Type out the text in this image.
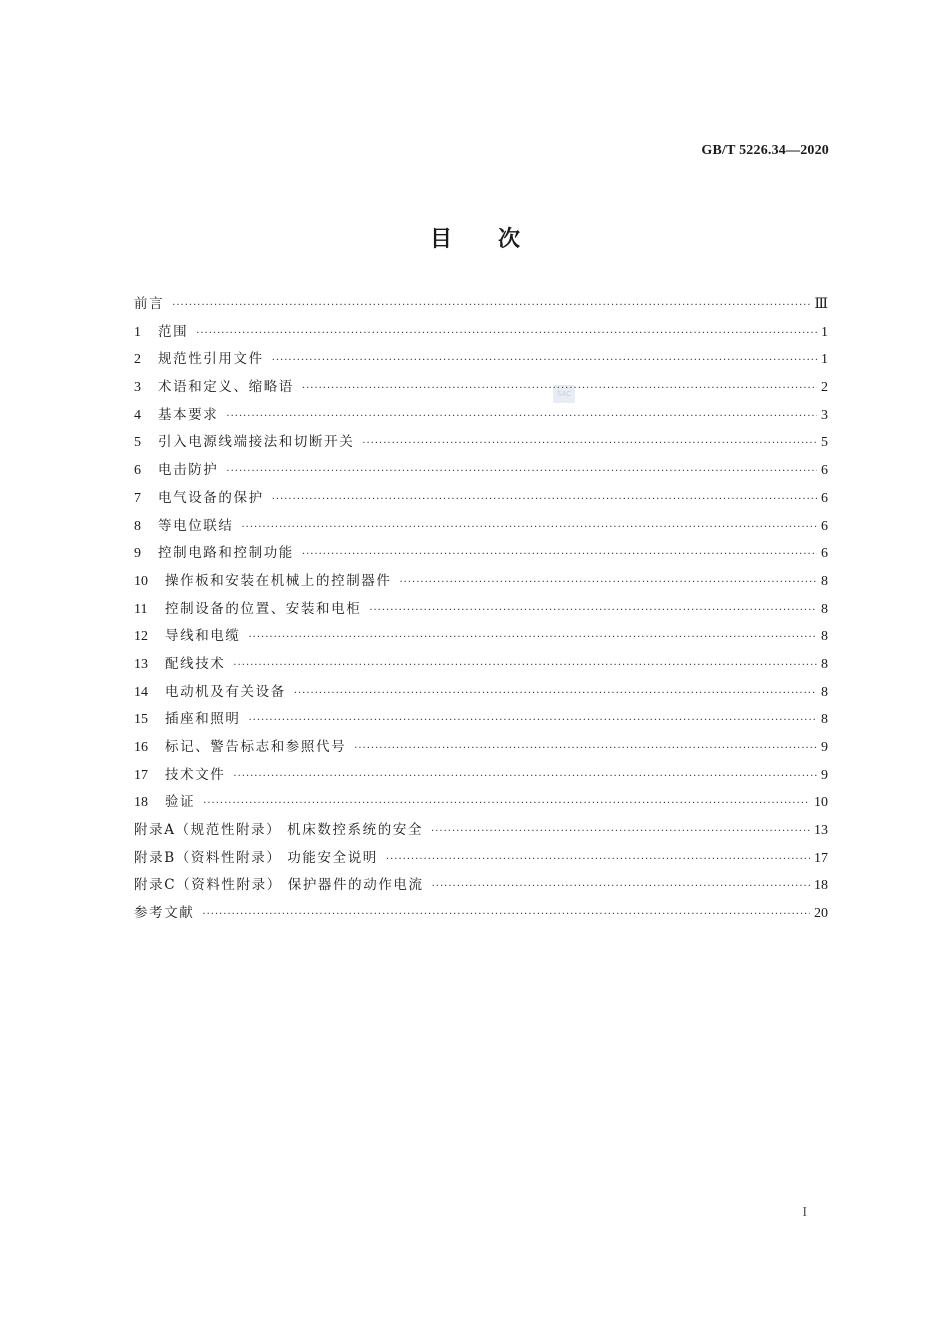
GB/T 5226.34—2020
SAC
目次
前言 ·····	Ⅲ
1	范围 ·····	1
2	规范性引用文件 ·····	1
3	术语和定义、缩略语 ·····	2
4	基本要求 ·····	3
5	引入电源线端接法和切断开关 ·····	5
6	电击防护 ·····	6
7	电气设备的保护 ·····	6
8	等电位联结 ·····	6
9	控制电路和控制功能 ·····	6
10	操作板和安装在机械上的控制器件 ·····	8
11	控制设备的位置、安装和电柜 ·····	8
12	导线和电缆 ·····	8
13	配线技术 ·····	8
14	电动机及有关设备 ·····	8
15	插座和照明 ·····	8
16	标记、警告标志和参照代号 ·····	9
17	技术文件 ·····	9
18	验证 ·····	10
附录A（规范性附录） 机床数控系统的安全 ·····	13
附录B（资料性附录） 功能安全说明 ·····	17
附录C（资料性附录） 保护器件的动作电流 ·····	18
参考文献 ·····	20
I
